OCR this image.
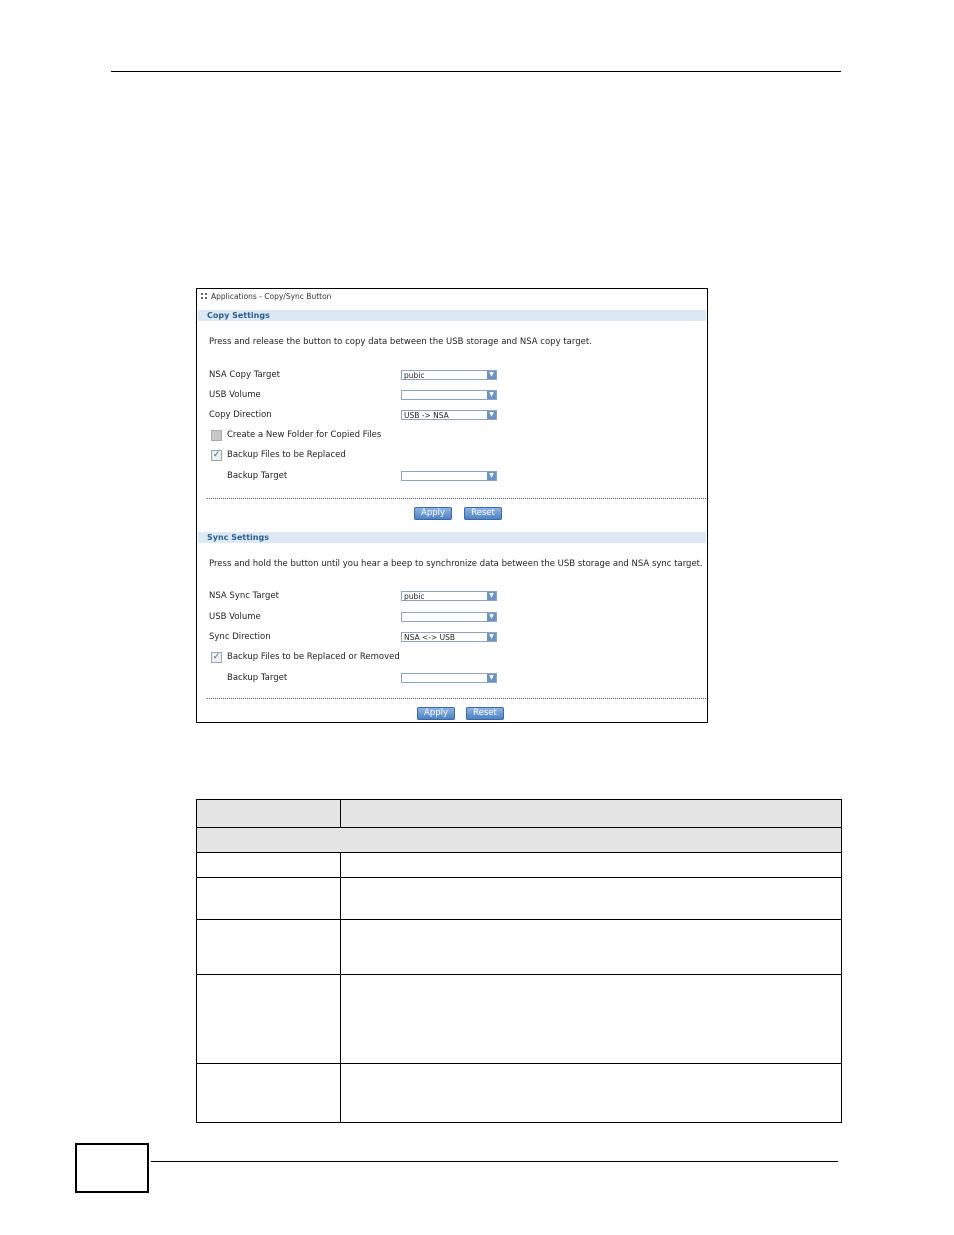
Applications - Copy/Sync Button
Copy Settings
Press and release the button to copy data between the USB storage and NSA copy target.
NSA Copy Target	pubic	▼
USB Volume	▼
Copy Direction	USB -> NSA	▼
Create a New Folder for Copied Files
✓ Backup Files to be Replaced
Backup Target	▼
Apply	Reset
Sync Settings
Press and hold the button until you hear a beep to synchronize data between the USB storage and NSA sync target.
NSA Sync Target	pubic	▼
USB Volume	▼
Sync Direction	NSA <-> USB	▼
✓ Backup Files to be Replaced or Removed
Backup Target	▼
Apply	Reset
